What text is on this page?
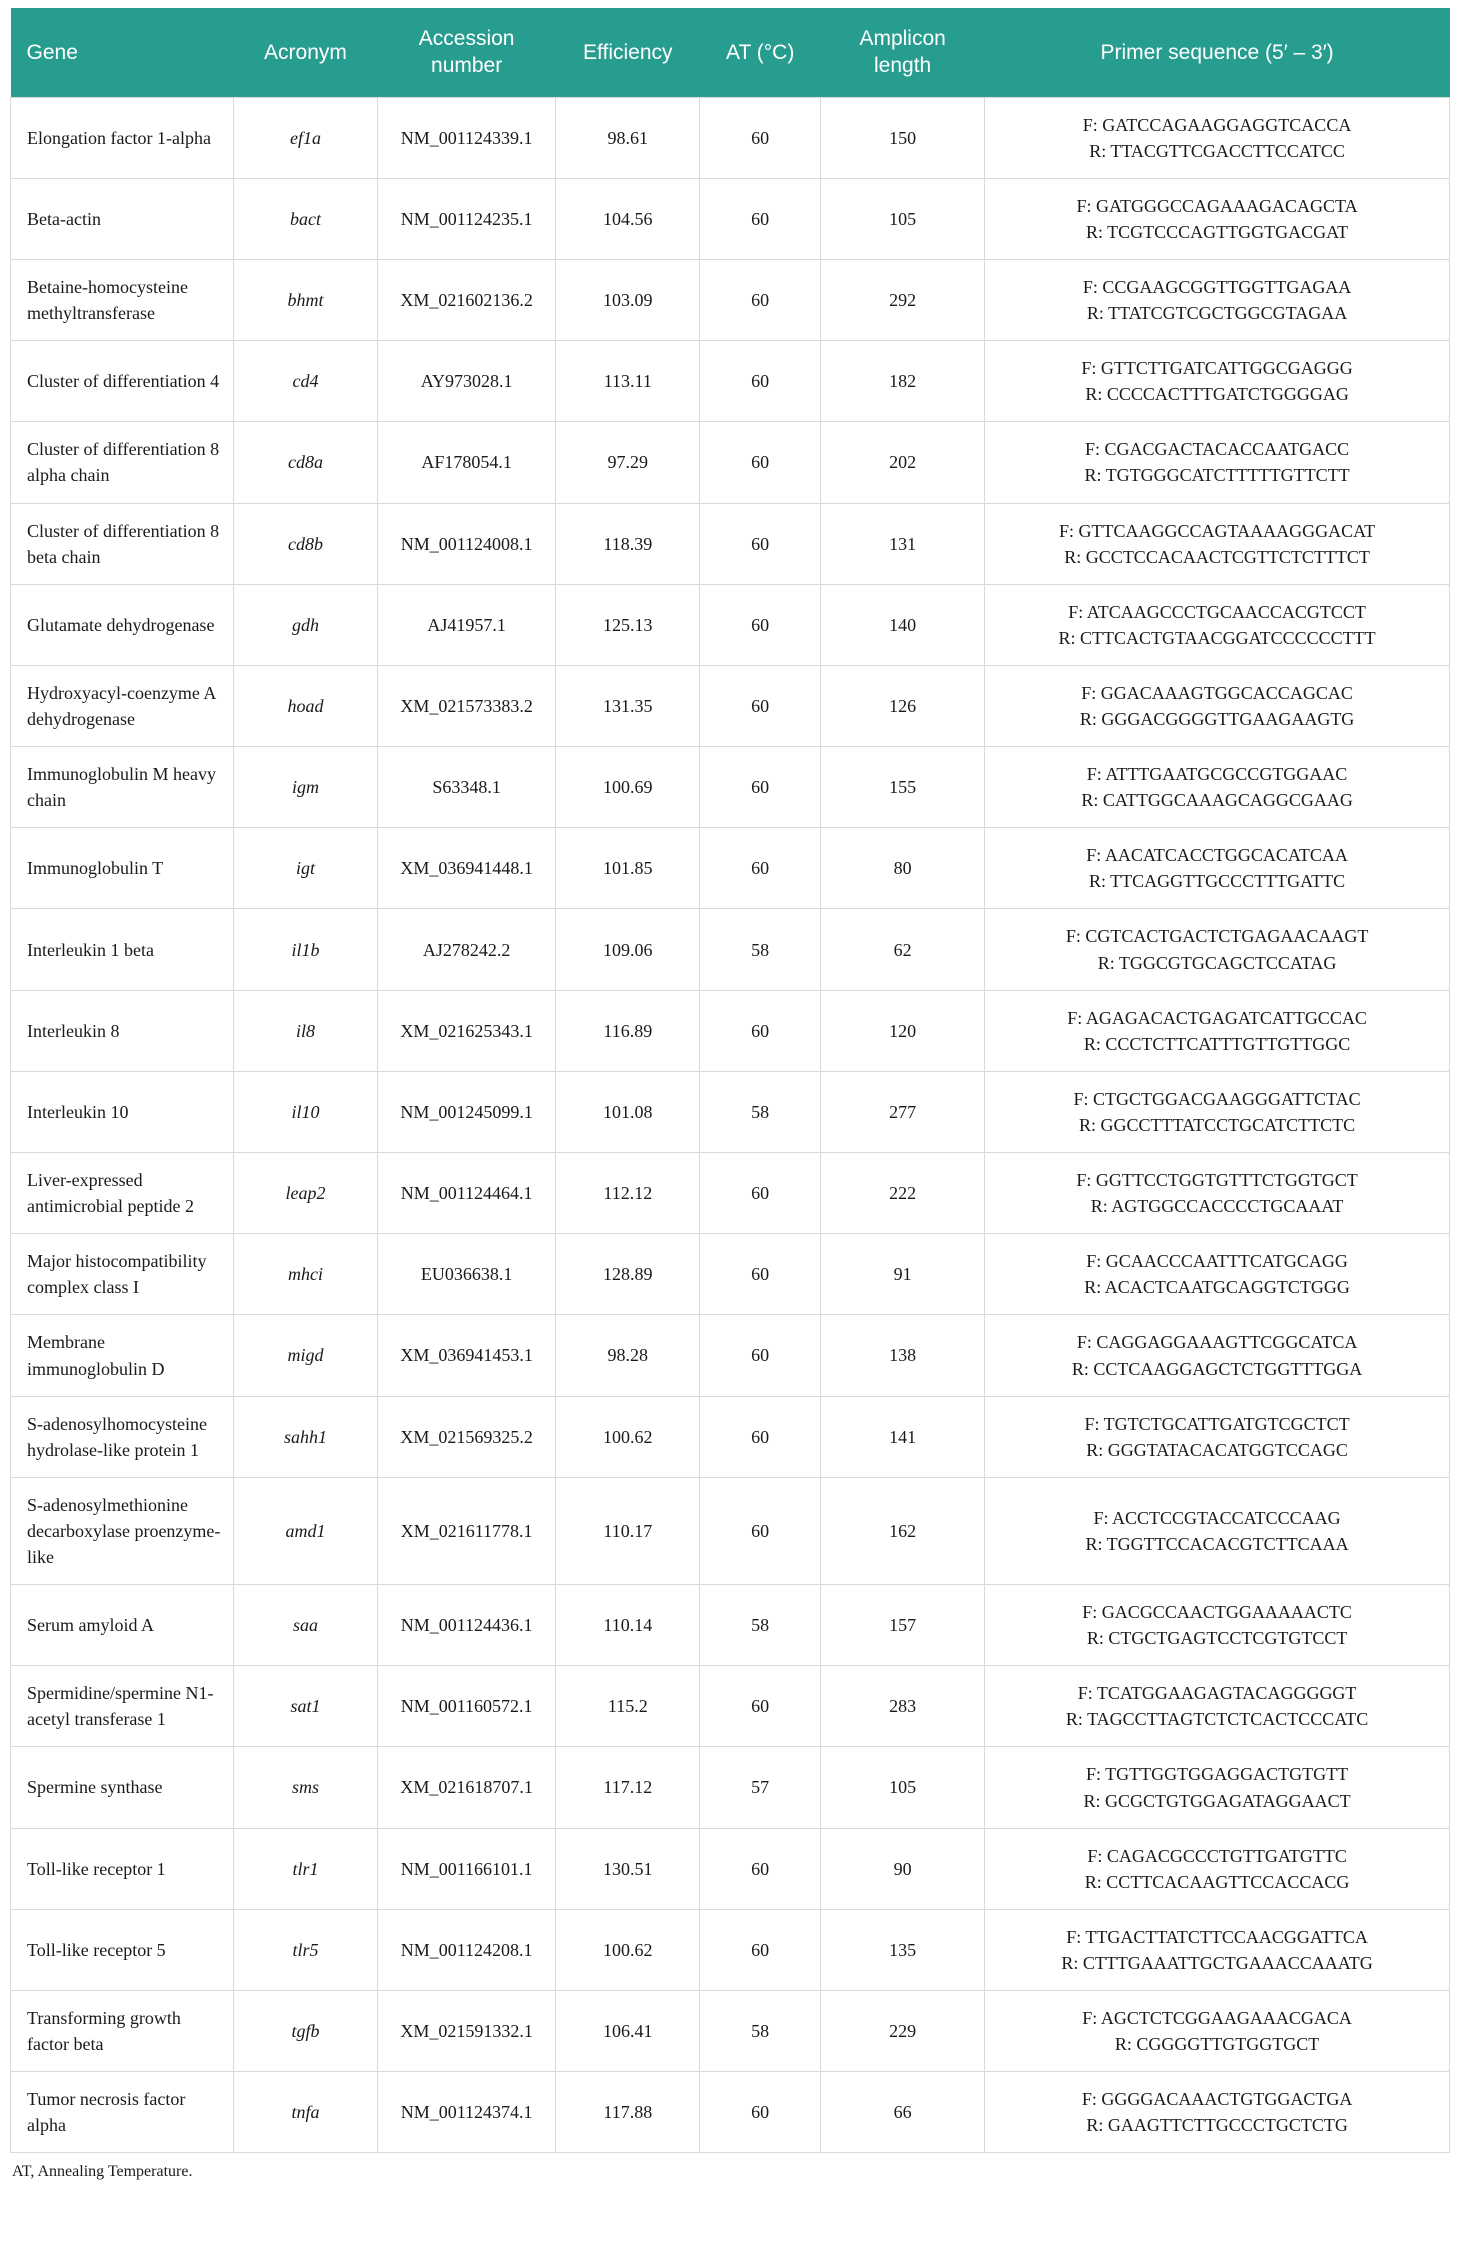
Gene	Acronym	Accession number	Efficiency	AT (°C)	Amplicon length	Primer sequence (5′ – 3′)
Elongation factor 1-alpha	ef1a	NM_001124339.1	98.61	60	150	F: GATCCAGAAGGAGGTCACCA
R: TTACGTTCGACCTTCCATCC

Beta-actin	bact	NM_001124235.1	104.56	60	105	F: GATGGGCCAGAAAGACAGCTA
R: TCGTCCCAGTTGGTGACGAT

Betaine-homocysteine methyltransferase	bhmt	XM_021602136.2	103.09	60	292	F: CCGAAGCGGTTGGTTGAGAA
R: TTATCGTCGCTGGCGTAGAA

Cluster of differentiation 4	cd4	AY973028.1	113.11	60	182	F: GTTCTTGATCATTGGCGAGGG
R: CCCCACTTTGATCTGGGGAG

Cluster of differentiation 8 alpha chain	cd8a	AF178054.1	97.29	60	202	F: CGACGACTACACCAATGACC
R: TGTGGGCATCTTTTTGTTCTT

Cluster of differentiation 8 beta chain	cd8b	NM_001124008.1	118.39	60	131	F: GTTCAAGGCCAGTAAAAGGGACAT
R: GCCTCCACAACTCGTTCTCTTTCT

Glutamate dehydrogenase	gdh	AJ41957.1	125.13	60	140	F: ATCAAGCCCTGCAACCACGTCCT
R: CTTCACTGTAACGGATCCCCCCTTT

Hydroxyacyl-coenzyme A dehydrogenase	hoad	XM_021573383.2	131.35	60	126	F: GGACAAAGTGGCACCAGCAC
R: GGGACGGGGTTGAAGAAGTG

Immunoglobulin M heavy chain	igm	S63348.1	100.69	60	155	F: ATTTGAATGCGCCGTGGAAC
R: CATTGGCAAAGCAGGCGAAG

Immunoglobulin T	igt	XM_036941448.1	101.85	60	80	F: AACATCACCTGGCACATCAA
R: TTCAGGTTGCCCTTTGATTC

Interleukin 1 beta	il1b	AJ278242.2	109.06	58	62	F: CGTCACTGACTCTGAGAACAAGT
R: TGGCGTGCAGCTCCATAG

Interleukin 8	il8	XM_021625343.1	116.89	60	120	F: AGAGACACTGAGATCATTGCCAC
R: CCCTCTTCATTTGTTGTTGGC

Interleukin 10	il10	NM_001245099.1	101.08	58	277	F: CTGCTGGACGAAGGGATTCTAC
R: GGCCTTTATCCTGCATCTTCTC

Liver-expressed antimicrobial peptide 2	leap2	NM_001124464.1	112.12	60	222	F: GGTTCCTGGTGTTTCTGGTGCT
R: AGTGGCCACCCCTGCAAAT

Major histocompatibility complex class I	mhci	EU036638.1	128.89	60	91	F: GCAACCCAATTTCATGCAGG
R: ACACTCAATGCAGGTCTGGG

Membrane immunoglobulin D	migd	XM_036941453.1	98.28	60	138	F: CAGGAGGAAAGTTCGGCATCA
R: CCTCAAGGAGCTCTGGTTTGGA

S-adenosylhomocysteine hydrolase-like protein 1	sahh1	XM_021569325.2	100.62	60	141	F: TGTCTGCATTGATGTCGCTCT
R: GGGTATACACATGGTCCAGC

S-adenosylmethionine decarboxylase proenzyme-like	amd1	XM_021611778.1	110.17	60	162	F: ACCTCCGTACCATCCCAAG
R: TGGTTCCACACGTCTTCAAA

Serum amyloid A	saa	NM_001124436.1	110.14	58	157	F: GACGCCAACTGGAAAAACTC
R: CTGCTGAGTCCTCGTGTCCT

Spermidine/spermine N1-acetyl transferase 1	sat1	NM_001160572.1	115.2	60	283	F: TCATGGAAGAGTACAGGGGGT
R: TAGCCTTAGTCTCTCACTCCCATC

Spermine synthase	sms	XM_021618707.1	117.12	57	105	F: TGTTGGTGGAGGACTGTGTT
R: GCGCTGTGGAGATAGGAACT

Toll-like receptor 1	tlr1	NM_001166101.1	130.51	60	90	F: CAGACGCCCTGTTGATGTTC
R: CCTTCACAAGTTCCACCACG

Toll-like receptor 5	tlr5	NM_001124208.1	100.62	60	135	F: TTGACTTATCTTCCAACGGATTCA
R: CTTTGAAATTGCTGAAACCAAATG

Transforming growth factor beta	tgfb	XM_021591332.1	106.41	58	229	F: AGCTCTCGGAAGAAACGACA
R: CGGGGTTGTGGTGCT

Tumor necrosis factor alpha	tnfa	NM_001124374.1	117.88	60	66	F: GGGGACAAACTGTGGACTGA
R: GAAGTTCTTGCCCTGCTCTG
AT, Annealing Temperature.
